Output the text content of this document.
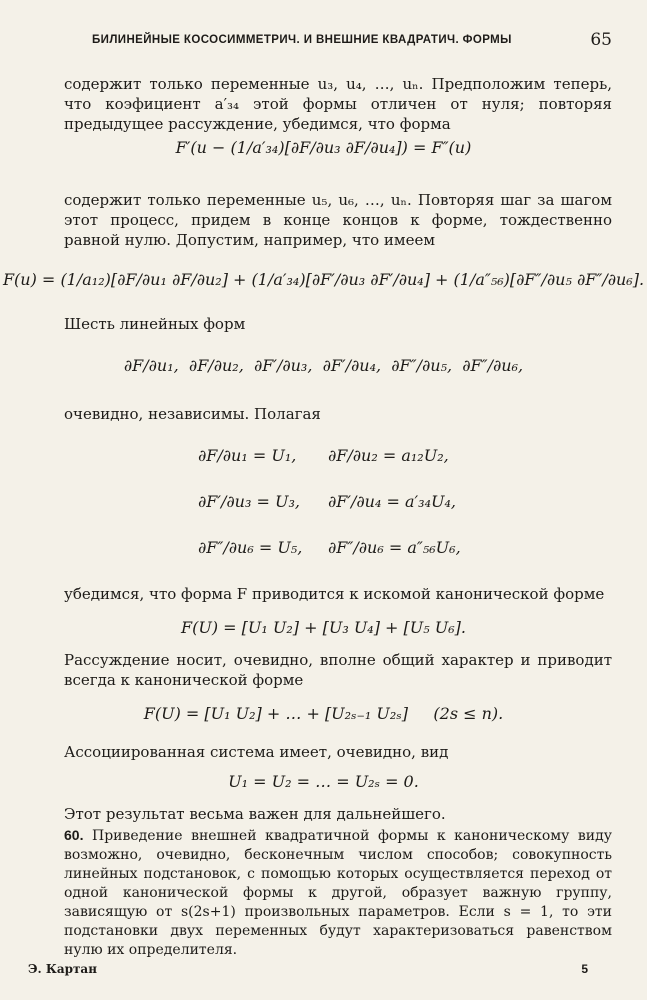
БИЛИНЕЙНЫЕ КОСОСИММЕТРИЧ. И ВНЕШНИЕ КВАДРАТИЧ. ФОРМЫ	65

содержит только переменные u₃, u₄, …, uₙ. Предположим теперь, что коэфициент a′₃₄ этой формы отличен от нуля; повторяя предыдущее рассуждение, убедимся, что форма

F′(u − (1/a′₃₄)[∂F/∂u₃ ∂F/∂u₄]) = F″(u)

содержит только переменные u₅, u₆, …, uₙ. Повторяя шаг за шагом этот процесс, придем в конце концов к форме, тождественно равной нулю. Допустим, например, что имеем

F(u) = (1/a₁₂)[∂F/∂u₁ ∂F/∂u₂] + (1/a′₃₄)[∂F′/∂u₃ ∂F′/∂u₄] + (1/a″₅₆)[∂F″/∂u₅ ∂F″/∂u₆].

Шесть линейных форм

∂F/∂u₁,  ∂F/∂u₂,  ∂F′/∂u₃,  ∂F′/∂u₄,  ∂F″/∂u₅,  ∂F″/∂u₆,

очевидно, независимы. Полагая

∂F/∂u₁ = U₁, ∂F/∂u₂ = a₁₂U₂,
∂F′/∂u₃ = U₃, ∂F′/∂u₄ = a′₃₄U₄,
∂F″/∂u₆ = U₅, ∂F″/∂u₆ = a″₅₆U₆,

убедимся, что форма F приводится к искомой канонической форме

F(U) = [U₁ U₂] + [U₃ U₄] + [U₅ U₆].

Рассуждение носит, очевидно, вполне общий характер и приводит всегда к канонической форме

F(U) = [U₁ U₂] + … + [U₂ₛ₋₁ U₂ₛ] (2s ≤ n).

Ассоциированная система имеет, очевидно, вид

U₁ = U₂ = … = U₂ₛ = 0.

Этот результат весьма важен для дальнейшего.

60. Приведение внешней квадратичной формы к каноническому виду возможно, очевидно, бесконечным числом способов; совокупность линейных подстановок, с помощью которых осуществляется переход от одной канонической формы к другой, образует важную группу, зависящую от s(2s+1) произвольных параметров. Если s = 1, то эти подстановки двух переменных будут характеризоваться равенством нулю их определителя.

Э. Картан	5
